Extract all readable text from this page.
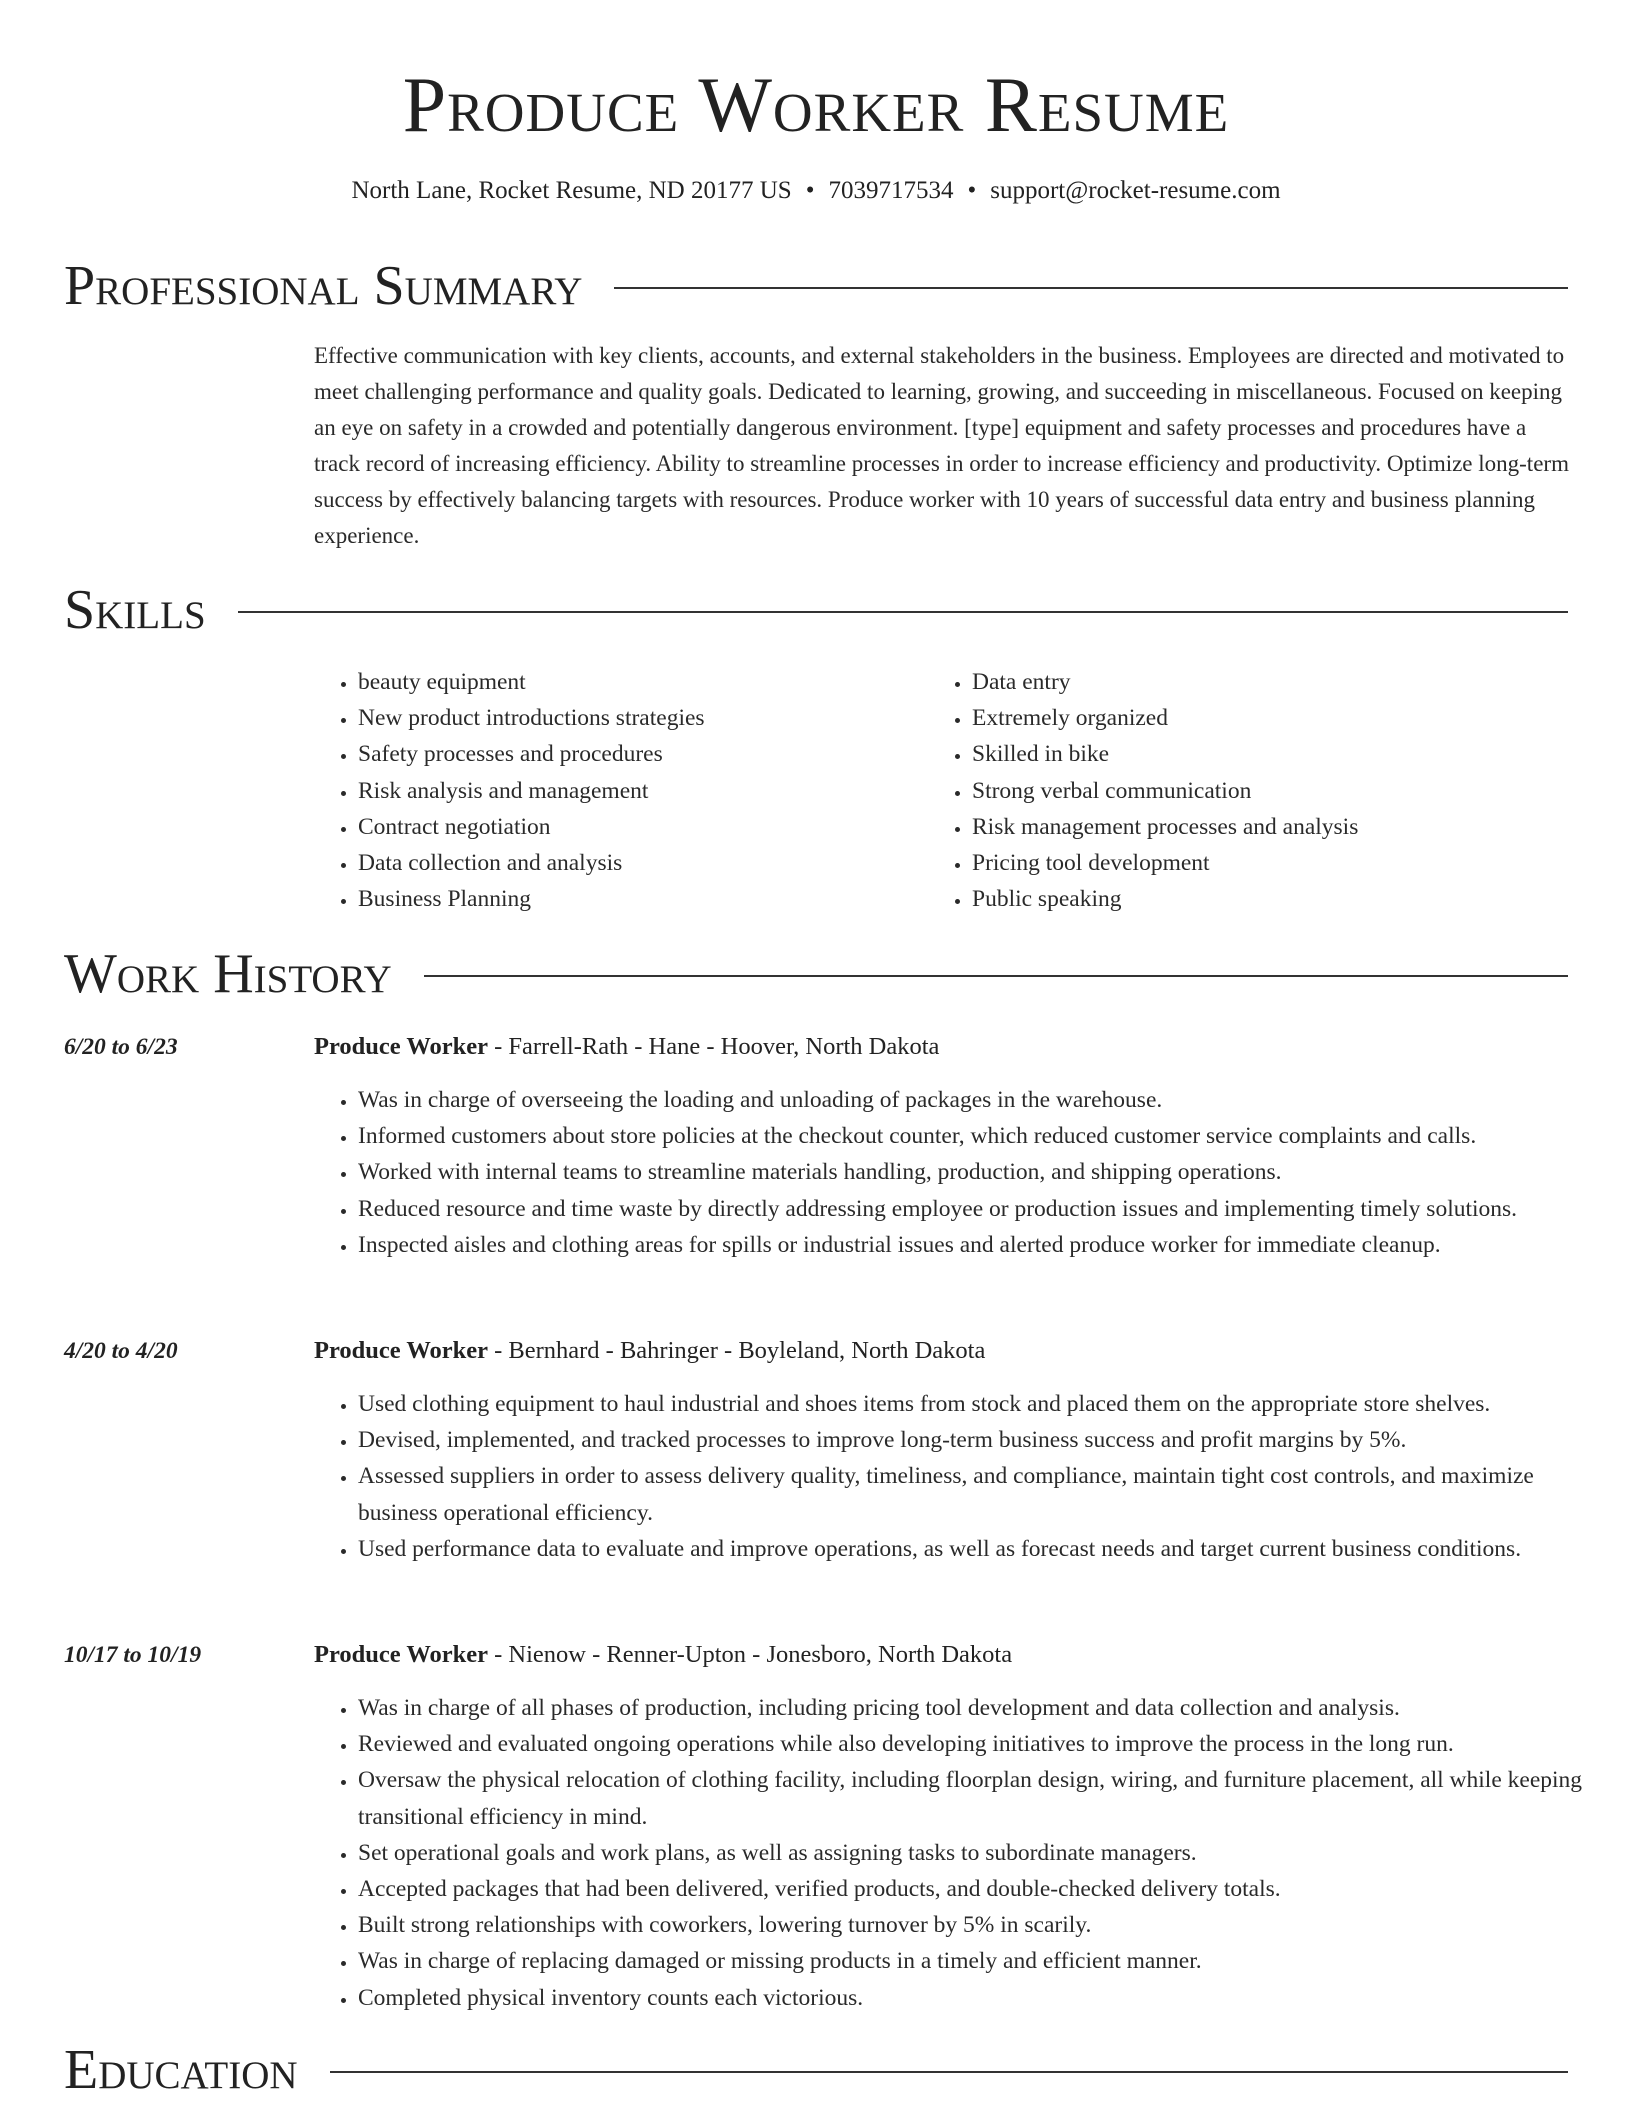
Produce Worker Resume
North Lane, Rocket Resume, ND 20177 US • 7039717534 • support@rocket-resume.com
Professional Summary

Effective communication with key clients, accounts, and external stakeholders in the business. Employees are directed and motivated to meet challenging performance and quality goals. Dedicated to learning, growing, and succeeding in miscellaneous. Focused on keeping an eye on safety in a crowded and potentially dangerous environment. [type] equipment and safety processes and procedures have a track record of increasing efficiency. Ability to streamline processes in order to increase efficiency and productivity. Optimize long-term success by effectively balancing targets with resources. Produce worker with 10 years of successful data entry and business planning experience.

Skills
• beauty equipment
• New product introductions strategies
• Safety processes and procedures
• Risk analysis and management
• Contract negotiation
• Data collection and analysis
• Business Planning
• Data entry
• Extremely organized
• Skilled in bike
• Strong verbal communication
• Risk management processes and analysis
• Pricing tool development
• Public speaking
Work History
6/20 to 6/23	Produce Worker - Farrell-Rath - Hane - Hoover, North Dakota
• Was in charge of overseeing the loading and unloading of packages in the warehouse.
• Informed customers about store policies at the checkout counter, which reduced customer service complaints and calls.
• Worked with internal teams to streamline materials handling, production, and shipping operations.
• Reduced resource and time waste by directly addressing employee or production issues and implementing timely solutions.
• Inspected aisles and clothing areas for spills or industrial issues and alerted produce worker for immediate cleanup.
4/20 to 4/20	Produce Worker - Bernhard - Bahringer - Boyleland, North Dakota
• Used clothing equipment to haul industrial and shoes items from stock and placed them on the appropriate store shelves.
• Devised, implemented, and tracked processes to improve long-term business success and profit margins by 5%.
• Assessed suppliers in order to assess delivery quality, timeliness, and compliance, maintain tight cost controls, and maximize business operational efficiency.
• Used performance data to evaluate and improve operations, as well as forecast needs and target current business conditions.
10/17 to 10/19	Produce Worker - Nienow - Renner-Upton - Jonesboro, North Dakota
• Was in charge of all phases of production, including pricing tool development and data collection and analysis.
• Reviewed and evaluated ongoing operations while also developing initiatives to improve the process in the long run.
• Oversaw the physical relocation of clothing facility, including floorplan design, wiring, and furniture placement, all while keeping transitional efficiency in mind.
• Set operational goals and work plans, as well as assigning tasks to subordinate managers.
• Accepted packages that had been delivered, verified products, and double-checked delivery totals.
• Built strong relationships with coworkers, lowering turnover by 5% in scarily.
• Was in charge of replacing damaged or missing products in a timely and efficient manner.
• Completed physical inventory counts each victorious.
Education
